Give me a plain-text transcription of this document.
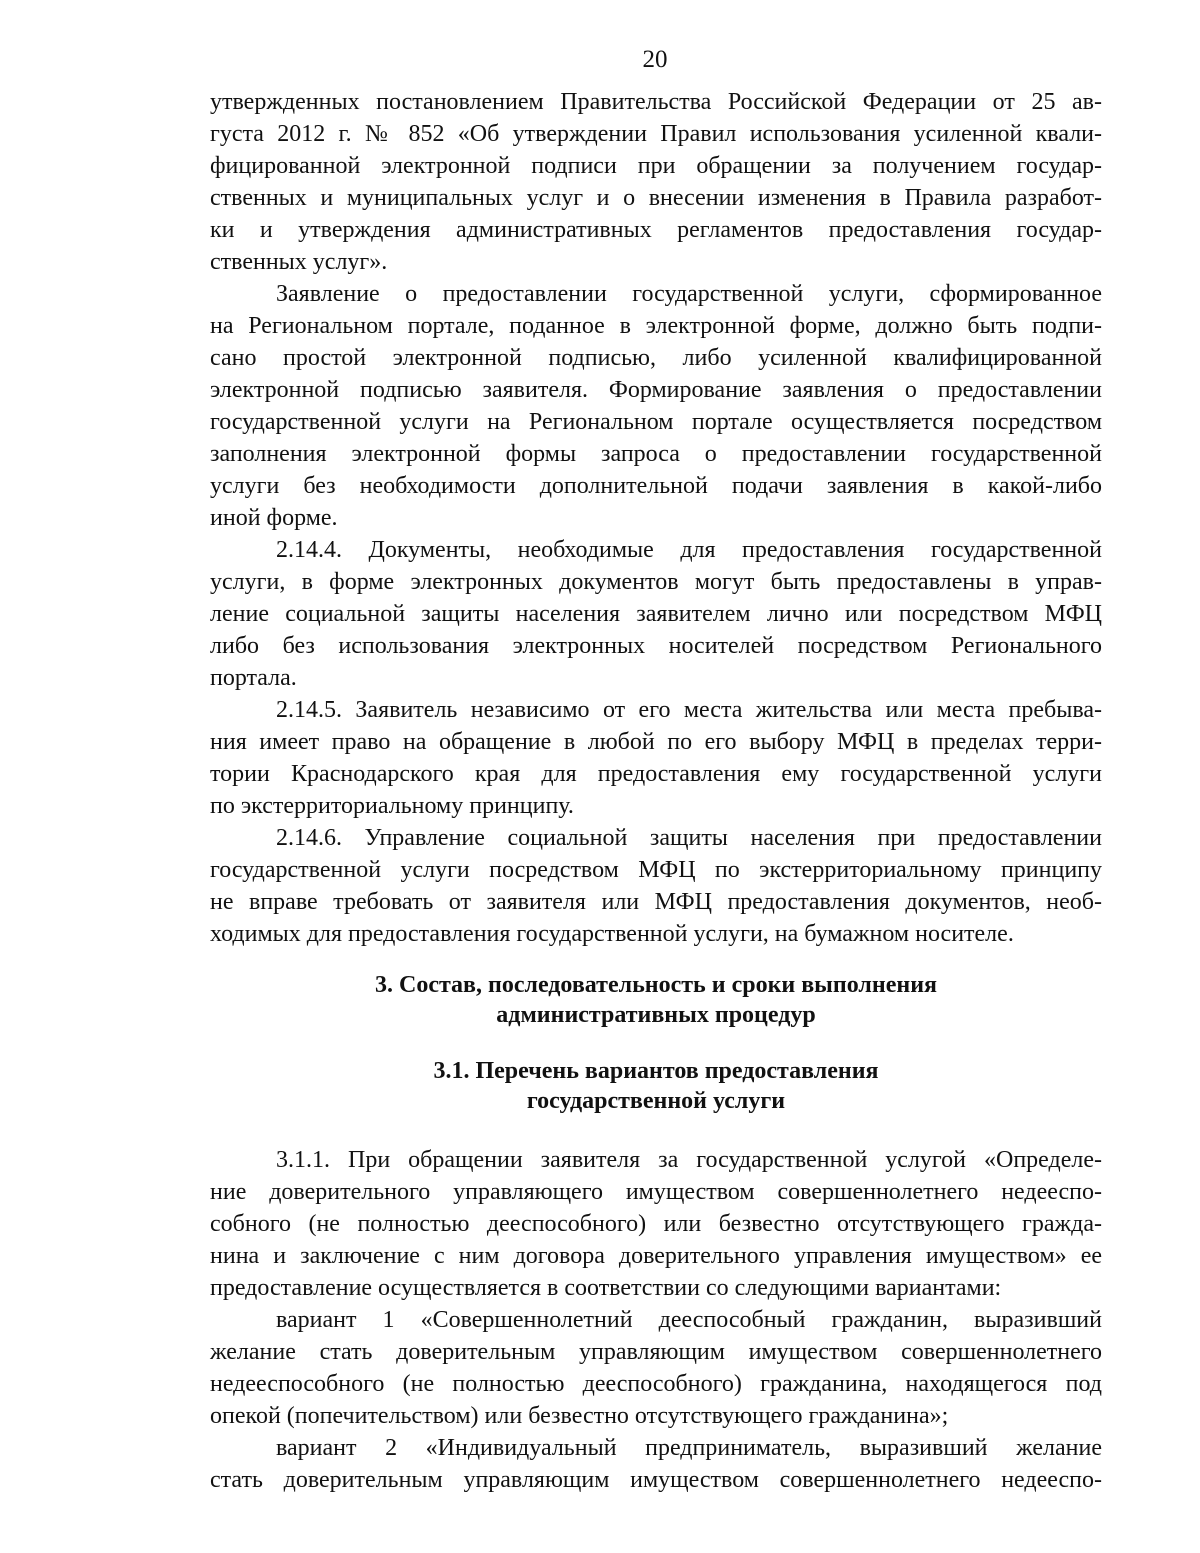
20
утвержденных постановлением Правительства Российской Федерации от 25 ав-
густа 2012 г. № 852 «Об утверждении Правил использования усиленной квали-
фицированной электронной подписи при обращении за получением государ-
ственных и муниципальных услуг и о внесении изменения в Правила разработ-
ки и утверждения административных регламентов предоставления государ-
ственных услуг».
Заявление о предоставлении государственной услуги, сформированное
на Региональном портале, поданное в электронной форме, должно быть подпи-
сано простой электронной подписью, либо усиленной квалифицированной
электронной подписью заявителя. Формирование заявления о предоставлении
государственной услуги на Региональном портале осуществляется посредством
заполнения электронной формы запроса о предоставлении государственной
услуги без необходимости дополнительной подачи заявления в какой-либо
иной форме.
2.14.4. Документы, необходимые для предоставления государственной
услуги, в форме электронных документов могут быть предоставлены в управ-
ление социальной защиты населения заявителем лично или посредством МФЦ
либо без использования электронных носителей посредством Регионального
портала.
2.14.5. Заявитель независимо от его места жительства или места пребыва-
ния имеет право на обращение в любой по его выбору МФЦ в пределах терри-
тории Краснодарского края для предоставления ему государственной услуги
по экстерриториальному принципу.
2.14.6. Управление социальной защиты населения при предоставлении
государственной услуги посредством МФЦ по экстерриториальному принципу
не вправе требовать от заявителя или МФЦ предоставления документов, необ-
ходимых для предоставления государственной услуги, на бумажном носителе.
3. Состав, последовательность и сроки выполнения
административных процедур
3.1. Перечень вариантов предоставления
государственной услуги
3.1.1. При обращении заявителя за государственной услугой «Определе-
ние доверительного управляющего имуществом совершеннолетнего недееспо-
собного (не полностью дееспособного) или безвестно отсутствующего гражда-
нина и заключение с ним договора доверительного управления имуществом» ее
предоставление осуществляется в соответствии со следующими вариантами:
вариант 1 «Совершеннолетний дееспособный гражданин, выразивший
желание стать доверительным управляющим имуществом совершеннолетнего
недееспособного (не полностью дееспособного) гражданина, находящегося под
опекой (попечительством) или безвестно отсутствующего гражданина»;
вариант 2 «Индивидуальный предприниматель, выразивший желание
стать доверительным управляющим имуществом совершеннолетнего недееспо-
